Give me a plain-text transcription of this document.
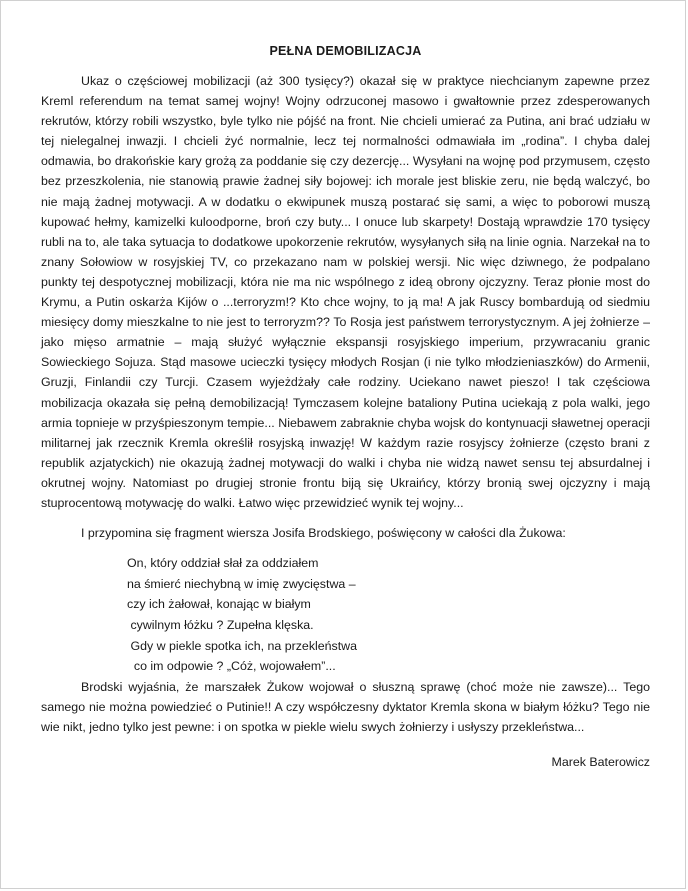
PEŁNA DEMOBILIZACJA

Ukaz o częściowej mobilizacji (aż 300 tysięcy?) okazał się w praktyce niechcianym zapewne przez Kreml referendum na temat samej wojny! Wojny odrzuconej masowo i gwałtownie przez zdesperowanych rekrutów, którzy robili wszystko, byle tylko nie pójść na front. Nie chcieli umierać za Putina, ani brać udziału w tej nielegalnej inwazji. I chcieli żyć normalnie, lecz tej normalności odmawiała im „rodina”. I chyba dalej odmawia, bo drakońskie kary grożą za poddanie się czy dezercję... Wysyłani na wojnę pod przymusem, często bez przeszkolenia, nie stanowią prawie żadnej siły bojowej: ich morale jest bliskie zeru, nie będą walczyć, bo nie mają żadnej motywacji. A w dodatku o ekwipunek muszą postarać się sami, a więc to poborowi muszą kupować hełmy, kamizelki kuloodporne, broń czy buty... I onuce lub skarpety! Dostają wprawdzie 170 tysięcy rubli na to, ale taka sytuacja to dodatkowe upokorzenie rekrutów, wysyłanych siłą na linie ognia. Narzekał na to znany Sołowiow w rosyjskiej TV, co przekazano nam w polskiej wersji. Nic więc dziwnego, że podpalano punkty tej despotycznej mobilizacji, która nie ma nic wspólnego z ideą obrony ojczyzny. Teraz płonie most do Krymu, a Putin oskarża Kijów o ...terroryzm!? Kto chce wojny, to ją ma! A jak Ruscy bombardują od siedmiu miesięcy domy mieszkalne to nie jest to terroryzm?? To Rosja jest państwem terrorystycznym. A jej żołnierze – jako mięso armatnie – mają służyć wyłącznie ekspansji rosyjskiego imperium, przywracaniu granic Sowieckiego Sojuza. Stąd masowe ucieczki tysięcy młodych Rosjan (i nie tylko młodzieniaszków) do Armenii, Gruzji, Finlandii czy Turcji. Czasem wyjeżdżały całe rodziny. Uciekano nawet pieszo! I tak częściowa mobilizacja okazała się pełną demobilizacją! Tymczasem kolejne bataliony Putina uciekają z pola walki, jego armia topnieje w przyśpieszonym tempie... Niebawem zabraknie chyba wojsk do kontynuacji sławetnej operacji militarnej jak rzecznik Kremla określił rosyjską inwazję! W każdym razie rosyjscy żołnierze (często brani z republik azjatyckich) nie okazują żadnej motywacji do walki i chyba nie widzą nawet sensu tej absurdalnej i okrutnej wojny. Natomiast po drugiej stronie frontu biją się Ukraińcy, którzy bronią swej ojczyzny i mają stuprocentową motywację do walki. Łatwo więc przewidzieć wynik tej wojny...

I przypomina się fragment wiersza Josifa Brodskiego, poświęcony w całości dla Żukowa:

On, który oddział słał za oddziałem
na śmierć niechybną w imię zwycięstwa –
czy ich żałował, konając w białym
cywilnym łóżku ? Zupełna klęska.
Gdy w piekle spotka ich, na przekleństwa
co im odpowie ? „Cóż, wojowałem”...

Brodski wyjaśnia, że marszałek Żukow wojował o słuszną sprawę (choć może nie zawsze)... Tego samego nie można powiedzieć o Putinie!! A czy współczesny dyktator Kremla skona w białym łóżku? Tego nie wie nikt, jedno tylko jest pewne: i on spotka w piekle wielu swych żołnierzy i usłyszy przekleństwa...

Marek Baterowicz
